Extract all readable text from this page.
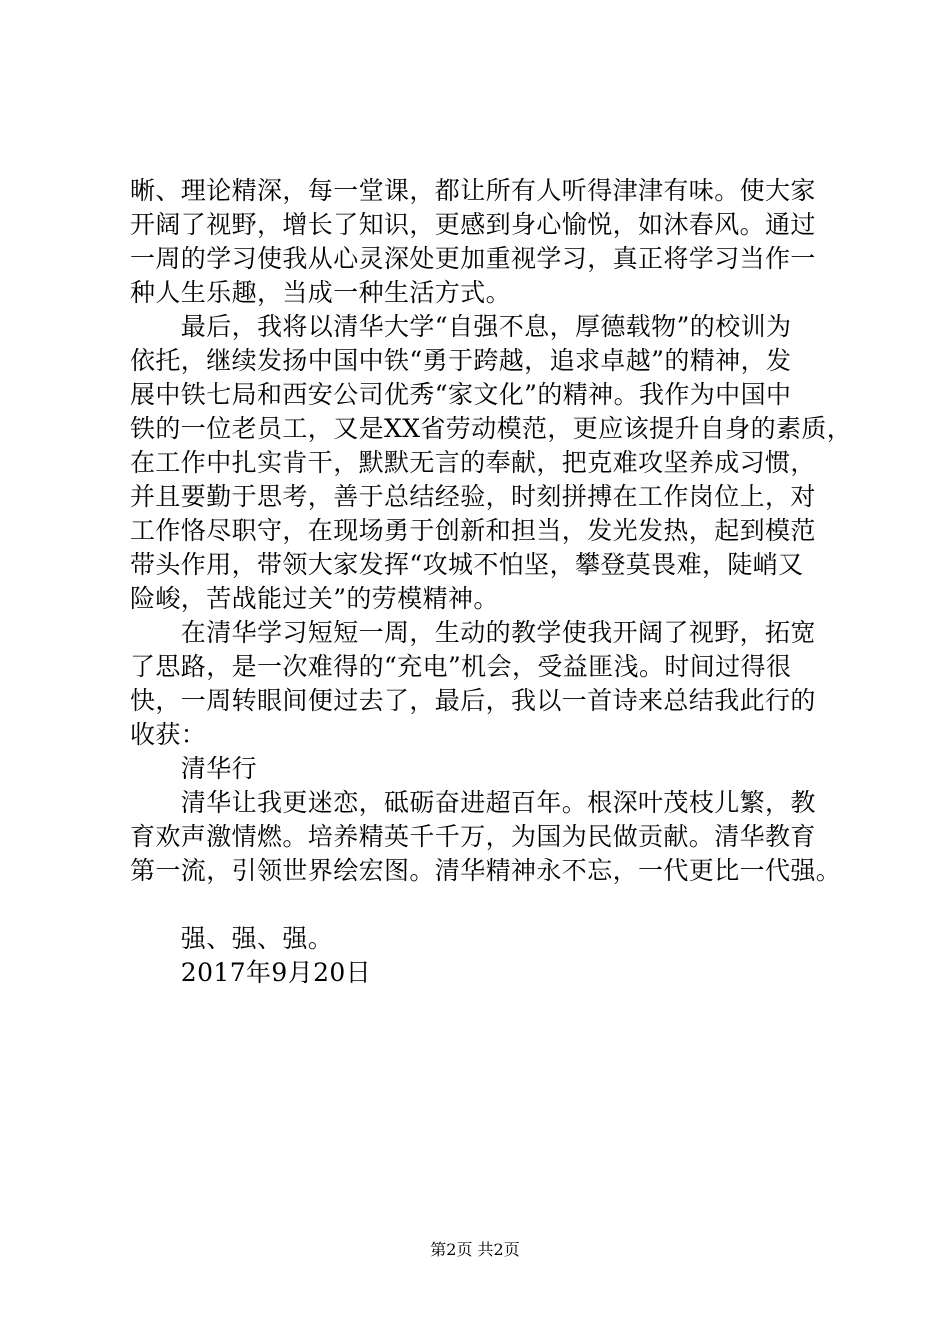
晰、理论精深，每一堂课，都让所有人听得津津有味。使大家
开阔了视野，增长了知识，更感到身心愉悦，如沐春风。通过
一周的学习使我从心灵深处更加重视学习，真正将学习当作一
种人生乐趣，当成一种生活方式。
　　最后，我将以清华大学“自强不息，厚德载物”的校训为
依托，继续发扬中国中铁“勇于跨越，追求卓越”的精神，发
展中铁七局和西安公司优秀“家文化”的精神。我作为中国中
铁的一位老员工，又是XX省劳动模范，更应该提升自身的素质，
在工作中扎实肯干，默默无言的奉献，把克难攻坚养成习惯，
并且要勤于思考，善于总结经验，时刻拼搏在工作岗位上，对
工作恪尽职守，在现场勇于创新和担当，发光发热，起到模范
带头作用，带领大家发挥“攻城不怕坚，攀登莫畏难，陡峭又
险峻，苦战能过关”的劳模精神。
　　在清华学习短短一周，生动的教学使我开阔了视野，拓宽
了思路，是一次难得的“充电”机会，受益匪浅。时间过得很
快，一周转眼间便过去了，最后，我以一首诗来总结我此行的
收获：
　　清华行
　　清华让我更迷恋，砥砺奋进超百年。根深叶茂枝儿繁，教
育欢声激情燃。培养精英千千万，为国为民做贡献。清华教育
第一流，引领世界绘宏图。清华精神永不忘，一代更比一代强。
　　强、强、强。
　　2017年9月20日
第2页 共2页
